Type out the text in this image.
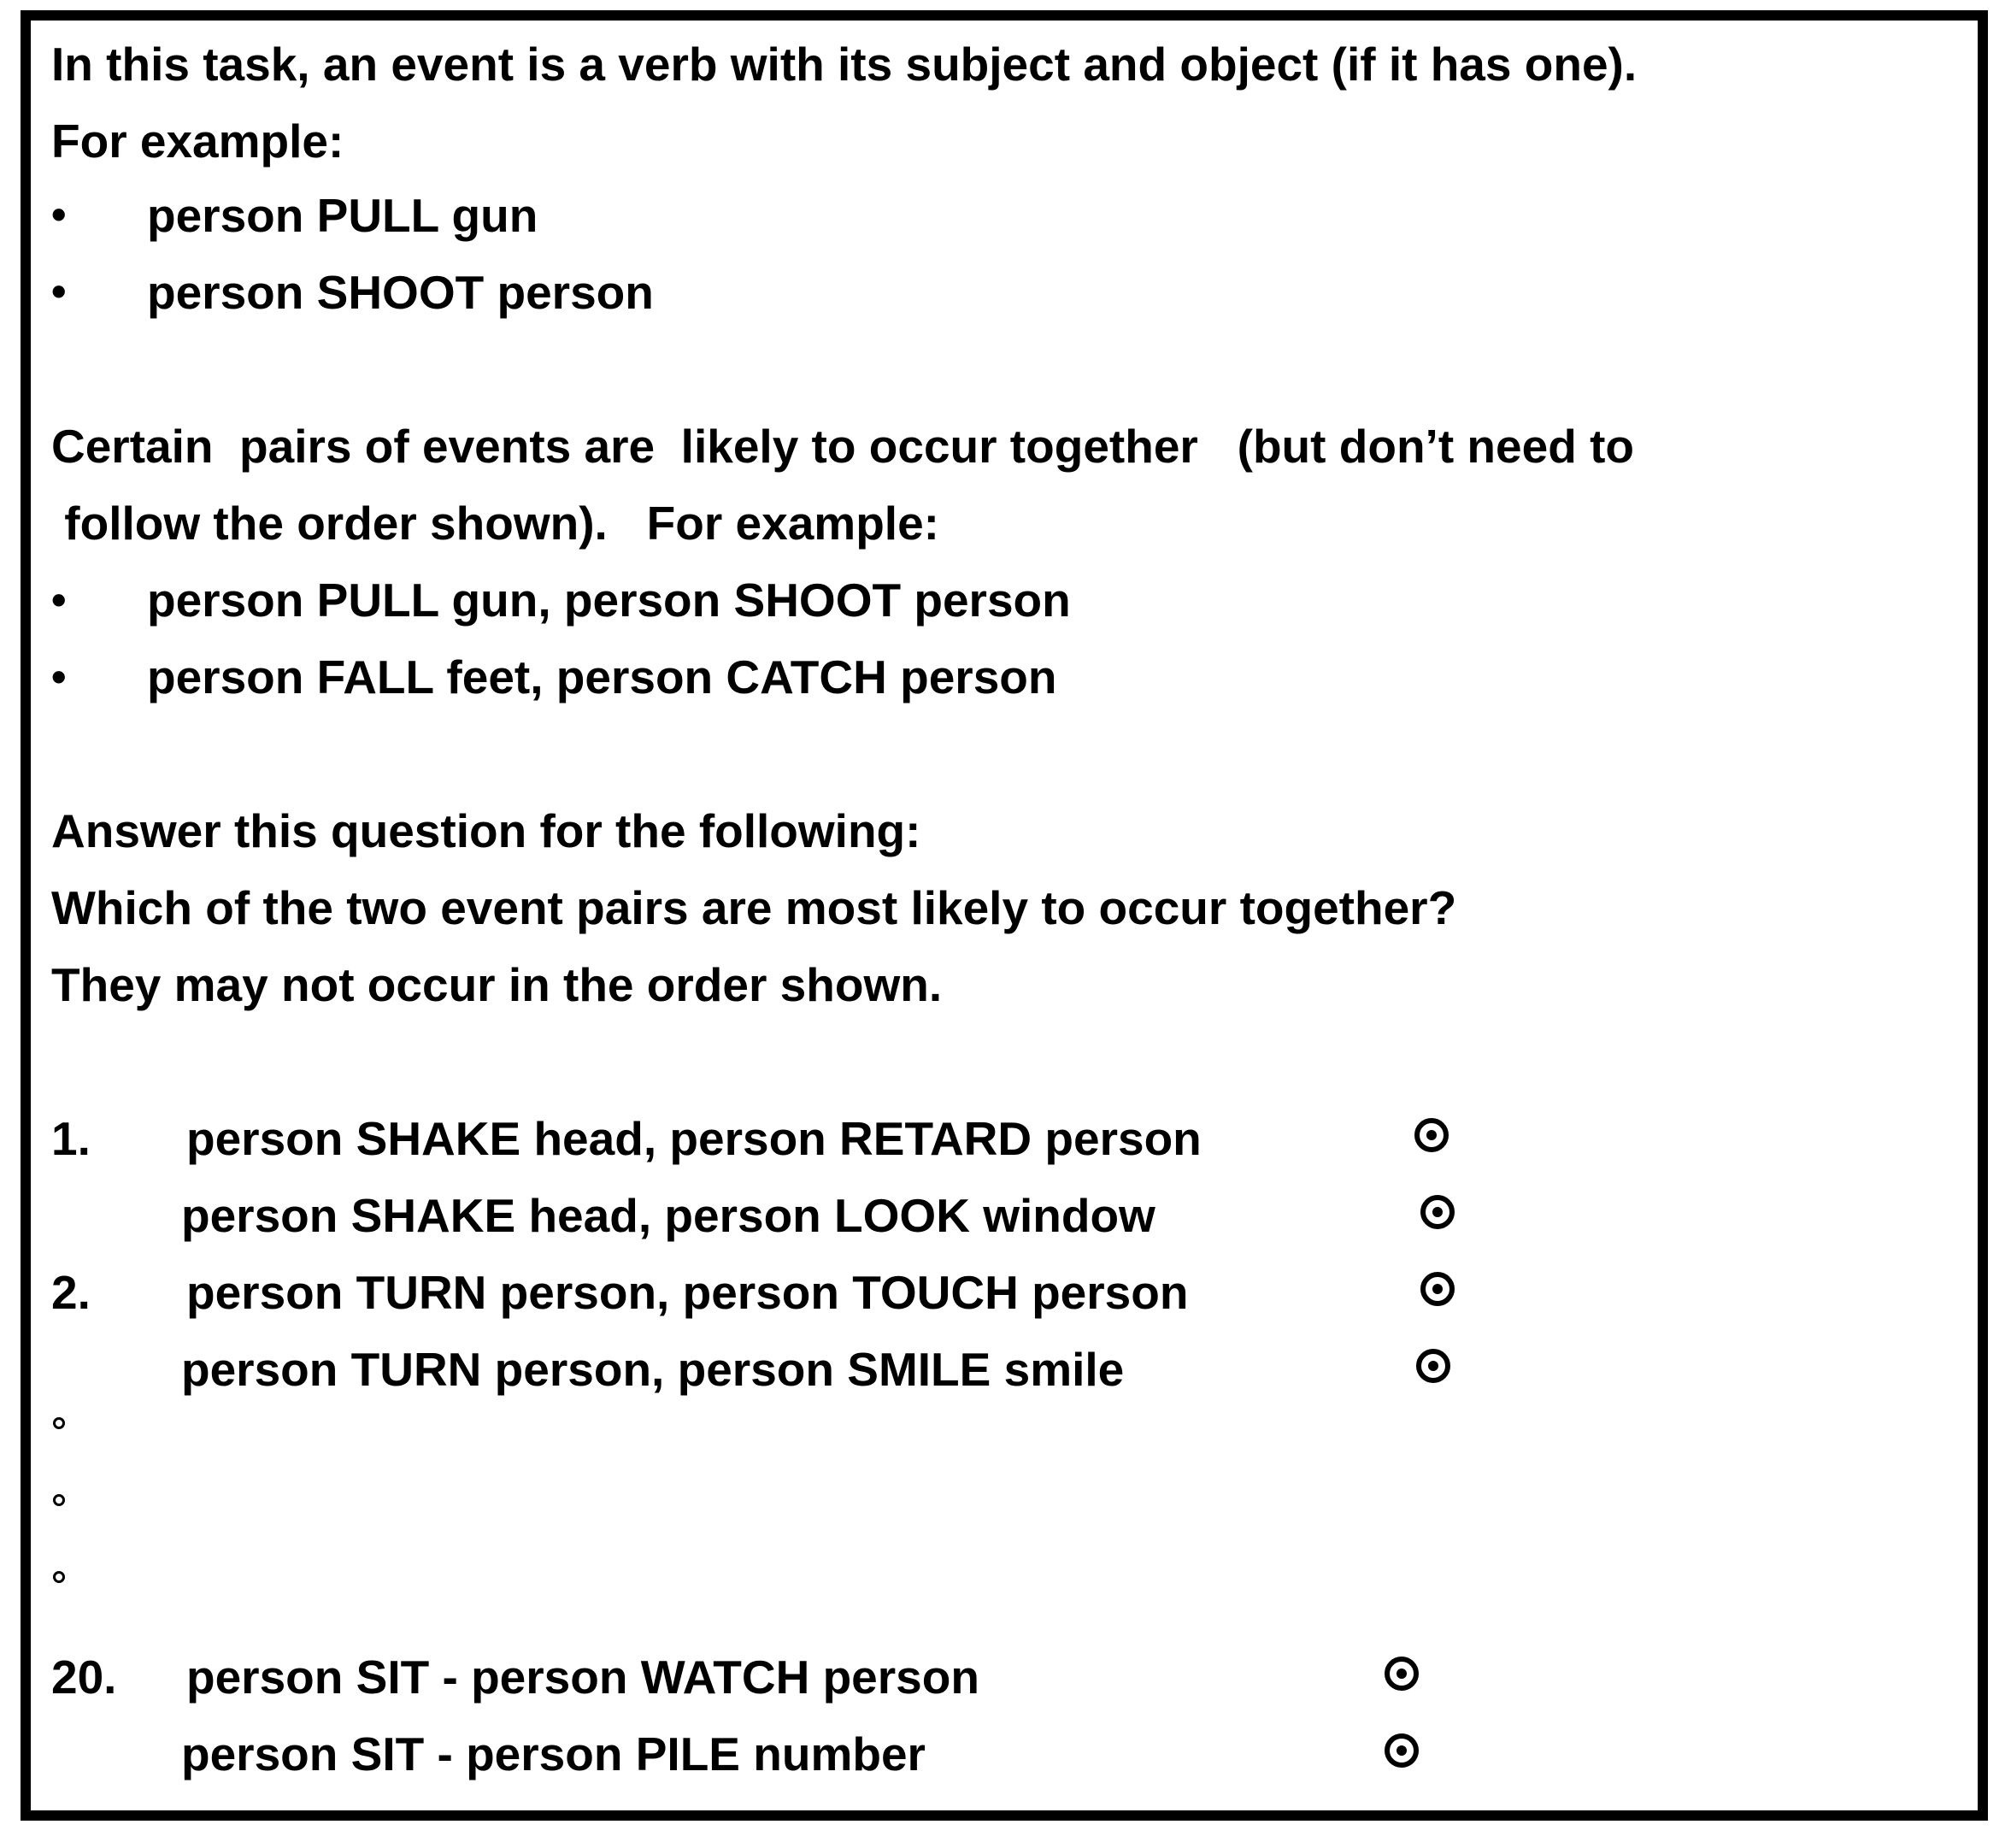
In this task, an event is a verb with its subject and object (if it has one).
For example:
• person PULL gun
• person SHOOT person
Certain  pairs of events are  likely to occur together   (but don’t need to
follow the order shown).   For example:
• person PULL gun, person SHOOT person
• person FALL feet, person CATCH person
Answer this question for the following:
Which of the two event pairs are most likely to occur together?
They may not occur in the order shown.
1. person SHAKE head, person RETARD person
person SHAKE head, person LOOK window
2. person TURN person, person TOUCH person
person TURN person, person SMILE smile
20. person SIT - person WATCH person
person SIT - person PILE number
